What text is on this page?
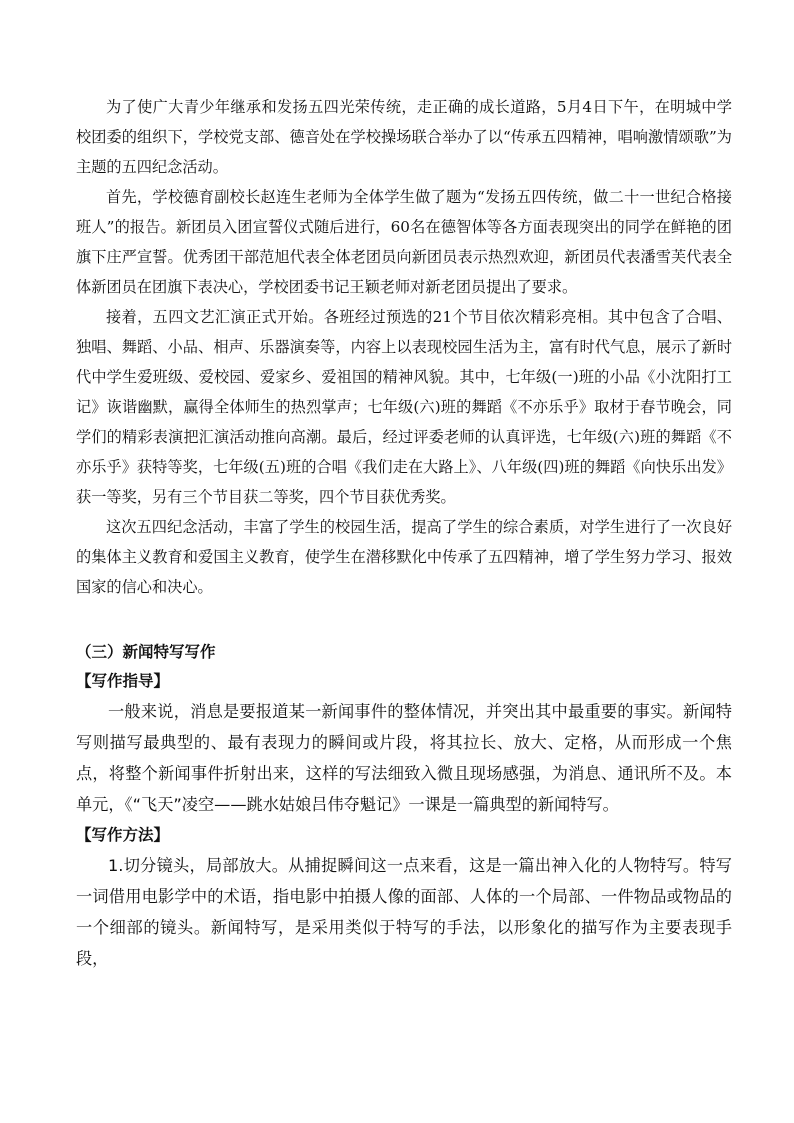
为了使广大青少年继承和发扬五四光荣传统，走正确的成长道路，5月4日下午，在明城中学校团委的组织下，学校党支部、德音处在学校操场联合举办了以“传承五四精神，唱响激情颂歌”为主题的五四纪念活动。

首先，学校德育副校长赵连生老师为全体学生做了题为“发扬五四传统，做二十一世纪合格接班人”的报告。新团员入团宣誓仪式随后进行，60名在德智体等各方面表现突出的同学在鲜艳的团旗下庄严宣誓。优秀团干部范旭代表全体老团员向新团员表示热烈欢迎，新团员代表潘雪芙代表全体新团员在团旗下表决心，学校团委书记王颖老师对新老团员提出了要求。

接着，五四文艺汇演正式开始。各班经过预选的21个节目依次精彩亮相。其中包含了合唱、独唱、舞蹈、小品、相声、乐器演奏等，内容上以表现校园生活为主，富有时代气息，展示了新时代中学生爱班级、爱校园、爱家乡、爱祖国的精神风貌。其中，七年级(一)班的小品《小沈阳打工记》诙谐幽默，赢得全体师生的热烈掌声；七年级(六)班的舞蹈《不亦乐乎》取材于春节晚会，同学们的精彩表演把汇演活动推向高潮。最后，经过评委老师的认真评选，七年级(六)班的舞蹈《不亦乐乎》获特等奖，七年级(五)班的合唱《我们走在大路上》、八年级(四)班的舞蹈《向快乐出发》获一等奖，另有三个节目获二等奖，四个节目获优秀奖。

这次五四纪念活动，丰富了学生的校园生活，提高了学生的综合素质，对学生进行了一次良好的集体主义教育和爱国主义教育，使学生在潜移默化中传承了五四精神，增了学生努力学习、报效国家的信心和决心。

（三）新闻特写写作

【写作指导】

一般来说，消息是要报道某一新闻事件的整体情况，并突出其中最重要的事实。新闻特写则描写最典型的、最有表现力的瞬间或片段，将其拉长、放大、定格，从而形成一个焦点，将整个新闻事件折射出来，这样的写法细致入微且现场感强，为消息、通讯所不及。本单元，《“飞天”凌空——跳水姑娘吕伟夺魁记》一课是一篇典型的新闻特写。

【写作方法】

1.切分镜头，局部放大。从捕捉瞬间这一点来看，这是一篇出神入化的人物特写。特写一词借用电影学中的术语，指电影中拍摄人像的面部、人体的一个局部、一件物品或物品的一个细部的镜头。新闻特写，是采用类似于特写的手法，以形象化的描写作为主要表现手段，
